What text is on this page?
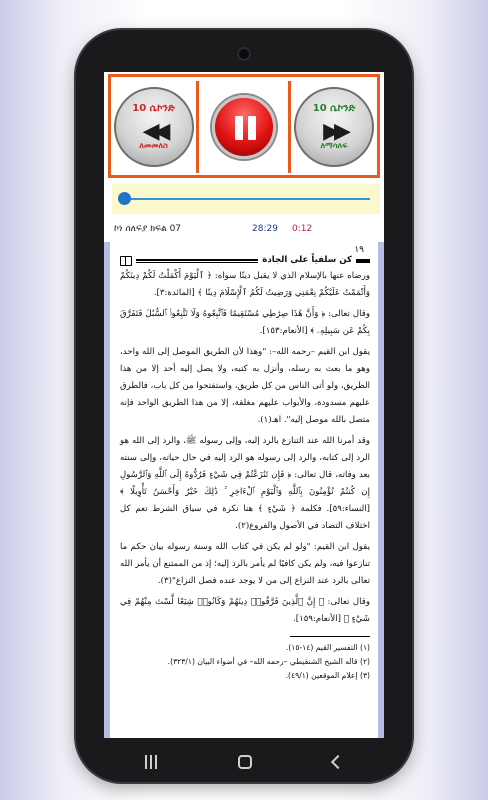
10 ሴኮንድ
◀◀
ለመመለስ
10 ሴኮንድ
▶▶
ለማሳለፍ
ኮነ ሰለፍያ ክፍል 07	28:29 0:12
١٩
كن سلفياً على الجادة

ورضاه عنها بالإسلام الذي لا يقبل دينًا سواه: ﴿ ٱلْيَوْمَ أَكْمَلْتُ لَكُمْ دِينَكُمْ وَأَتْمَمْتُ عَلَيْكُمْ نِعْمَتِي وَرَضِيتُ لَكُمُ ٱلْإِسْلَامَ دِينًا ﴾ [المائدة:٣].

وقال تعالى: ﴿ وَأَنَّ هَٰذَا صِرَٰطِي مُسْتَقِيمًا فَٱتَّبِعُوهُ وَلَا تَتَّبِعُوا۟ ٱلسُّبُلَ فَتَفَرَّقَ بِكُمْ عَن سَبِيلِهِۦ ﴾ [الأنعام:١٥٣].

يقول ابن القيم –رحمه الله–: "وهذا لأن الطريق الموصل إلى الله واحد، وهو ما بعث به رسله، وأنزل به كتبه، ولا يصل إليه أحد إلا من هذا الطريق، ولو أتى الناس من كل طريق، واستفتحوا من كل باب، فالطرق عليهم مسدودة، والأبواب عليهم مغلقة، إلا من هذا الطريق الواحد فإنه متصل بالله موصل إليه". اهـ(١).

وقد أمرنا الله عند التنازع بالرد إليه، وإلى رسوله ﷺ، والرد إلى الله هو الرد إلى كتابه، والرد إلى رسوله هو الرد إليه في حال حياته، وإلى سنته بعد وفاته، قال تعالى: ﴿ فَإِن تَنَٰزَعْتُمْ فِي شَيْءٍ فَرُدُّوهُ إِلَى ٱللَّهِ وَٱلرَّسُولِ إِن كُنتُمْ تُؤْمِنُونَ بِٱللَّهِ وَٱلْيَوْمِ ٱلْءَاخِرِ ۚ ذَٰلِكَ خَيْرٌ وَأَحْسَنُ تَأْوِيلًا ﴾ [النساء:٥٩]. فكلمة ﴿ شَيْءٍ ﴾ هنا نكرة في سياق الشرط تعم كل اختلاف التضاد في الأصول والفروع(٢).

يقول ابن القيم: "ولو لم يكن في كتاب الله وسنة رسوله بيان حكم ما تنازعوا فيه، ولم يكن كافيًا لم يأمر بالرد إليه؛ إذ من الممتنع أن يأمر الله تعالى بالرد عند النزاع إلى من لا يوجد عنده فصل النزاع"(٣).

وقال تعالى: ﴿ إِنَّ ٱلَّذِينَ فَرَّقُوا۟ دِينَهُمْ وَكَانُوا۟ شِيَعًا لَّسْتَ مِنْهُمْ فِي شَيْءٍ ﴾ [الأنعام:١٥٩].

(١) التفسير القيم (١٤-١٥).

(٢) قاله الشيخ الشنقيطي –رحمه الله– في أضواء البيان (٣٢٣/١).

(٣) إعلام الموقعين (٤٩/١).
